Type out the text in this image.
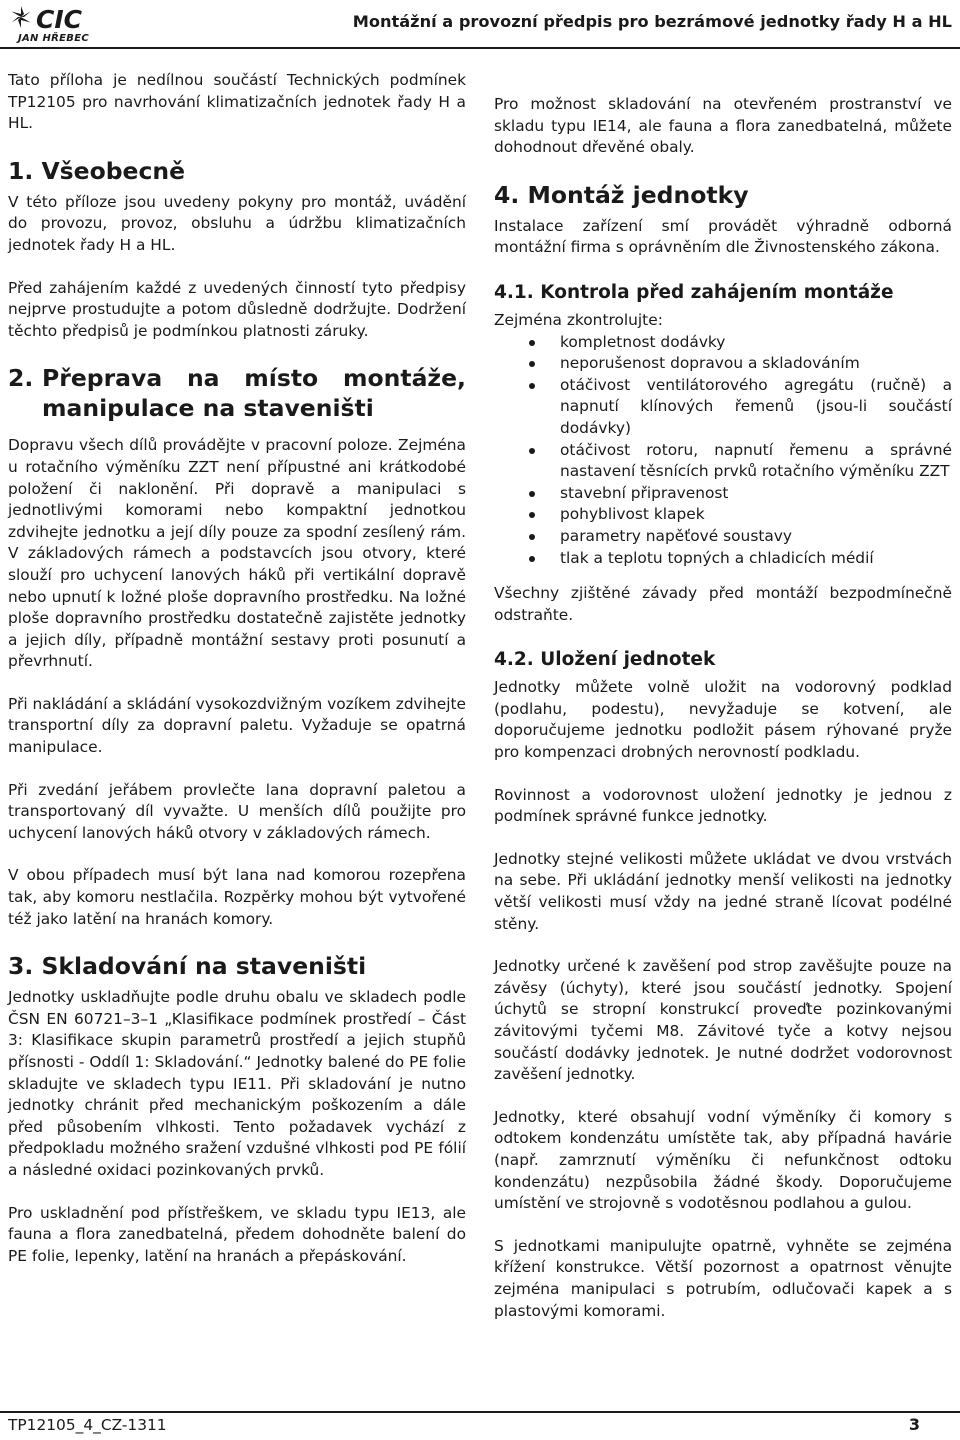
CIC
JAN HŘEBEC
Montážní a provozní předpis pro bezrámové jednotky řady H a HL

Tato příloha je nedílnou součástí Technických podmínek TP12105 pro navrhování klimatizačních jednotek řady H a HL.

1. Všeobecně

V této příloze jsou uvedeny pokyny pro montáž, uvádění do provozu, provoz, obsluhu a údržbu klimatizačních jednotek řady H a HL.

Před zahájením každé z uvedených činností tyto předpisy nejprve prostudujte a potom důsledně dodržujte. Dodržení těchto předpisů je podmínkou platnosti záruky.

2. Přeprava na místo montáže,
manipulace na staveništi

Dopravu všech dílů provádějte v pracovní poloze. Zejména u rotačního výměníku ZZT není přípustné ani krátkodobé položení či naklonění. Při dopravě a manipulaci s jednotlivými komorami nebo kompaktní jednotkou zdvihejte jednotku a její díly pouze za spodní zesílený rám. V základových rámech a podstavcích jsou otvory, které slouží pro uchycení lanových háků při vertikální dopravě nebo upnutí k ložné ploše dopravního prostředku. Na ložné ploše dopravního prostředku dostatečně zajistěte jednotky a jejich díly, případně montážní sestavy proti posunutí a převrhnutí.

Při nakládání a skládání vysokozdvižným vozíkem zdvihejte transportní díly za dopravní paletu. Vyžaduje se opatrná manipulace.

Při zvedání jeřábem provlečte lana dopravní paletou a transportovaný díl vyvažte. U menších dílů použijte pro uchycení lanových háků otvory v základových rámech.

V obou případech musí být lana nad komorou rozepřena tak, aby komoru nestlačila. Rozpěrky mohou být vytvořené též jako latění na hranách komory.

3. Skladování na staveništi

Jednotky uskladňujte podle druhu obalu ve skladech podle ČSN EN 60721–3–1 „Klasifikace podmínek prostředí – Část 3: Klasifikace skupin parametrů prostředí a jejich stupňů přísnosti - Oddíl 1: Skladování.“ Jednotky balené do PE folie skladujte ve skladech typu IE11. Při skladování je nutno jednotky chránit před mechanickým poškozením a dále před působením vlhkosti. Tento požadavek vychází z předpokladu možného sražení vzdušné vlhkosti pod PE fólií a následné oxidaci pozinkovaných prvků.

Pro uskladnění pod přístřeškem, ve skladu typu IE13, ale fauna a flora zanedbatelná, předem dohodněte balení do PE folie, lepenky, latění na hranách a přepáskování.

Pro možnost skladování na otevřeném prostranství ve skladu typu IE14, ale fauna a flora zanedbatelná, můžete dohodnout dřevěné obaly.

4. Montáž jednotky

Instalace zařízení smí provádět výhradně odborná montážní firma s oprávněním dle Živnostenského zákona.

4.1. Kontrola před zahájením montáže

Zejména zkontrolujte:

kompletnost dodávky
neporušenost dopravou a skladováním
otáčivost ventilátorového agregátu (ručně) a napnutí klínových řemenů (jsou-li součástí dodávky)
otáčivost rotoru, napnutí řemenu a správné nastavení těsnících prvků rotačního výměníku ZZT
stavební připravenost
pohyblivost klapek
parametry napěťové soustavy
tlak a teplotu topných a chladicích médií

Všechny zjištěné závady před montáží bezpodmínečně odstraňte.

4.2. Uložení jednotek

Jednotky můžete volně uložit na vodorovný podklad (podlahu, podestu), nevyžaduje se kotvení, ale doporučujeme jednotku podložit pásem rýhované pryže pro kompenzaci drobných nerovností podkladu.

Rovinnost a vodorovnost uložení jednotky je jednou z podmínek správné funkce jednotky.

Jednotky stejné velikosti můžete ukládat ve dvou vrstvách na sebe. Při ukládání jednotky menší velikosti na jednotky větší velikosti musí vždy na jedné straně lícovat podélné stěny.

Jednotky určené k zavěšení pod strop zavěšujte pouze na závěsy (úchyty), které jsou součástí jednotky. Spojení úchytů se stropní konstrukcí proveďte pozinkovanými závitovými tyčemi M8. Závitové tyče a kotvy nejsou součástí dodávky jednotek. Je nutné dodržet vodorovnost zavěšení jednotky.

Jednotky, které obsahují vodní výměníky či komory s odtokem kondenzátu umístěte tak, aby případná havárie (např. zamrznutí výměníku či nefunkčnost odtoku kondenzátu) nezpůsobila žádné škody. Doporučujeme umístění ve strojovně s vodotěsnou podlahou a gulou.

S jednotkami manipulujte opatrně, vyhněte se zejména křížení konstrukce. Větší pozornost a opatrnost věnujte zejména manipulaci s potrubím, odlučovači kapek a s plastovými komorami.

TP12105_4_CZ-1311	3
